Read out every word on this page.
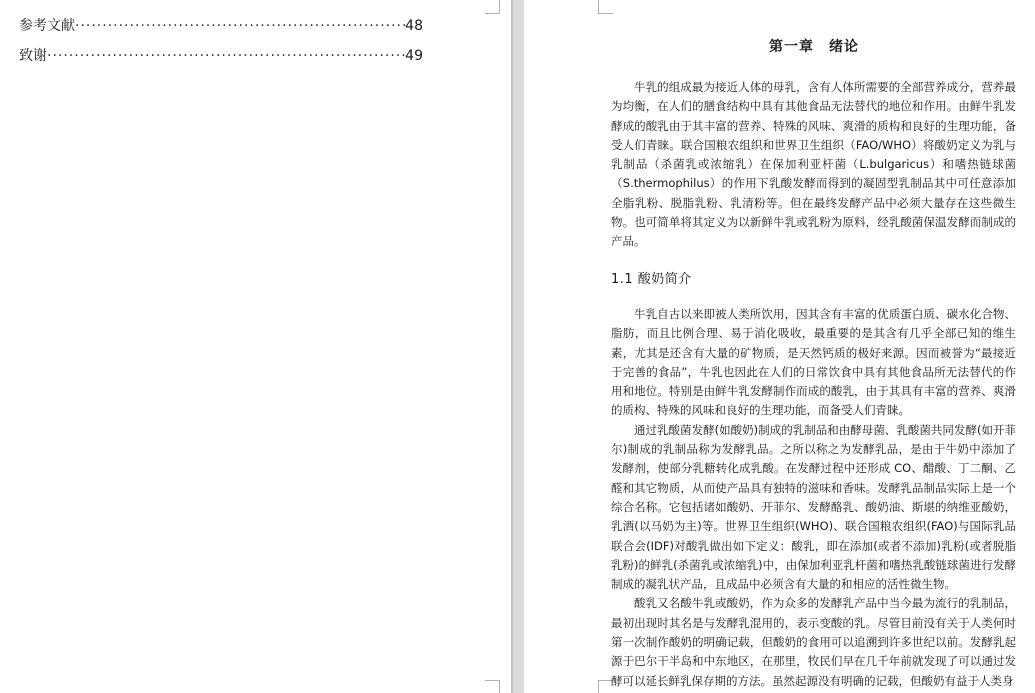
参考文献 ·····	48
致谢 ·····	49
第一章　绪论

牛乳的组成最为接近人体的母乳，含有人体所需要的全部营养成分，营养最为均衡，在人们的膳食结构中具有其他食品无法替代的地位和作用。由鲜牛乳发酵成的酸乳由于其丰富的营养、特殊的风味、爽滑的质构和良好的生理功能，备受人们青睐。联合国粮农组织和世界卫生组织（FAO/WHO）将酸奶定义为乳与乳制品（杀菌乳或浓缩乳）在保加利亚杆菌（L.bulgaricus）和嗜热链球菌（S.thermophilus）的作用下乳酸发酵而得到的凝固型乳制品其中可任意添加全脂乳粉、脱脂乳粉、乳清粉等。但在最终发酵产品中必须大量存在这些微生物。也可简单将其定义为以新鲜牛乳或乳粉为原料，经乳酸菌保温发酵而制成的产品。

1.1 酸奶简介

牛乳自古以来即被人类所饮用，因其含有丰富的优质蛋白质、碳水化合物、脂肪，而且比例合理、易于消化吸收，最重要的是其含有几乎全部已知的维生素，尤其是还含有大量的矿物质，是天然钙质的极好来源。因而被誉为“最接近于完善的食品”，牛乳也因此在人们的日常饮食中具有其他食品所无法替代的作用和地位。特别是由鲜牛乳发酵制作而成的酸乳，由于其具有丰富的营养、爽滑的质构、特殊的风味和良好的生理功能，而备受人们青睐。

通过乳酸菌发酵(如酸奶)制成的乳制品和由酵母菌、乳酸菌共同发酵(如开菲尔)制成的乳制品称为发酵乳品。之所以称之为发酵乳品，是由于牛奶中添加了发酵剂，使部分乳糖转化成乳酸。在发酵过程中还形成 CO、醋酸、丁二酮、乙醛和其它物质，从而使产品具有独特的滋味和香味。发酵乳品制品实际上是一个综合名称。它包括诸如酸奶、开菲尔、发酵酪乳、酸奶油、斯堪的纳维亚酸奶，乳酒(以马奶为主)等。世界卫生组织(WHO)、联合国粮农组织(FAO)与国际乳品联合会(IDF)对酸乳做出如下定义：酸乳，即在添加(或者不添加)乳粉(或者脱脂乳粉)的鲜乳(杀菌乳或浓缩乳)中，由保加利亚乳杆菌和嗜热乳酸链球菌进行发酵制成的凝乳状产品，且成品中必须含有大量的和相应的活性微生物。

酸乳又名酸牛乳或酸奶，作为众多的发酵乳产品中当今最为流行的乳制品，最初出现时其名是与发酵乳混用的，表示变酸的乳。尽管目前没有关于人类何时第一次制作酸奶的明确记载，但酸奶的食用可以追溯到许多世纪以前。发酵乳起源于巴尔干半岛和中东地区，在那里，牧民们早在几千年前就发现了可以通过发酵可以延长鲜乳保存期的方法。虽然起源没有明确的记载，但酸奶有益于人类身
